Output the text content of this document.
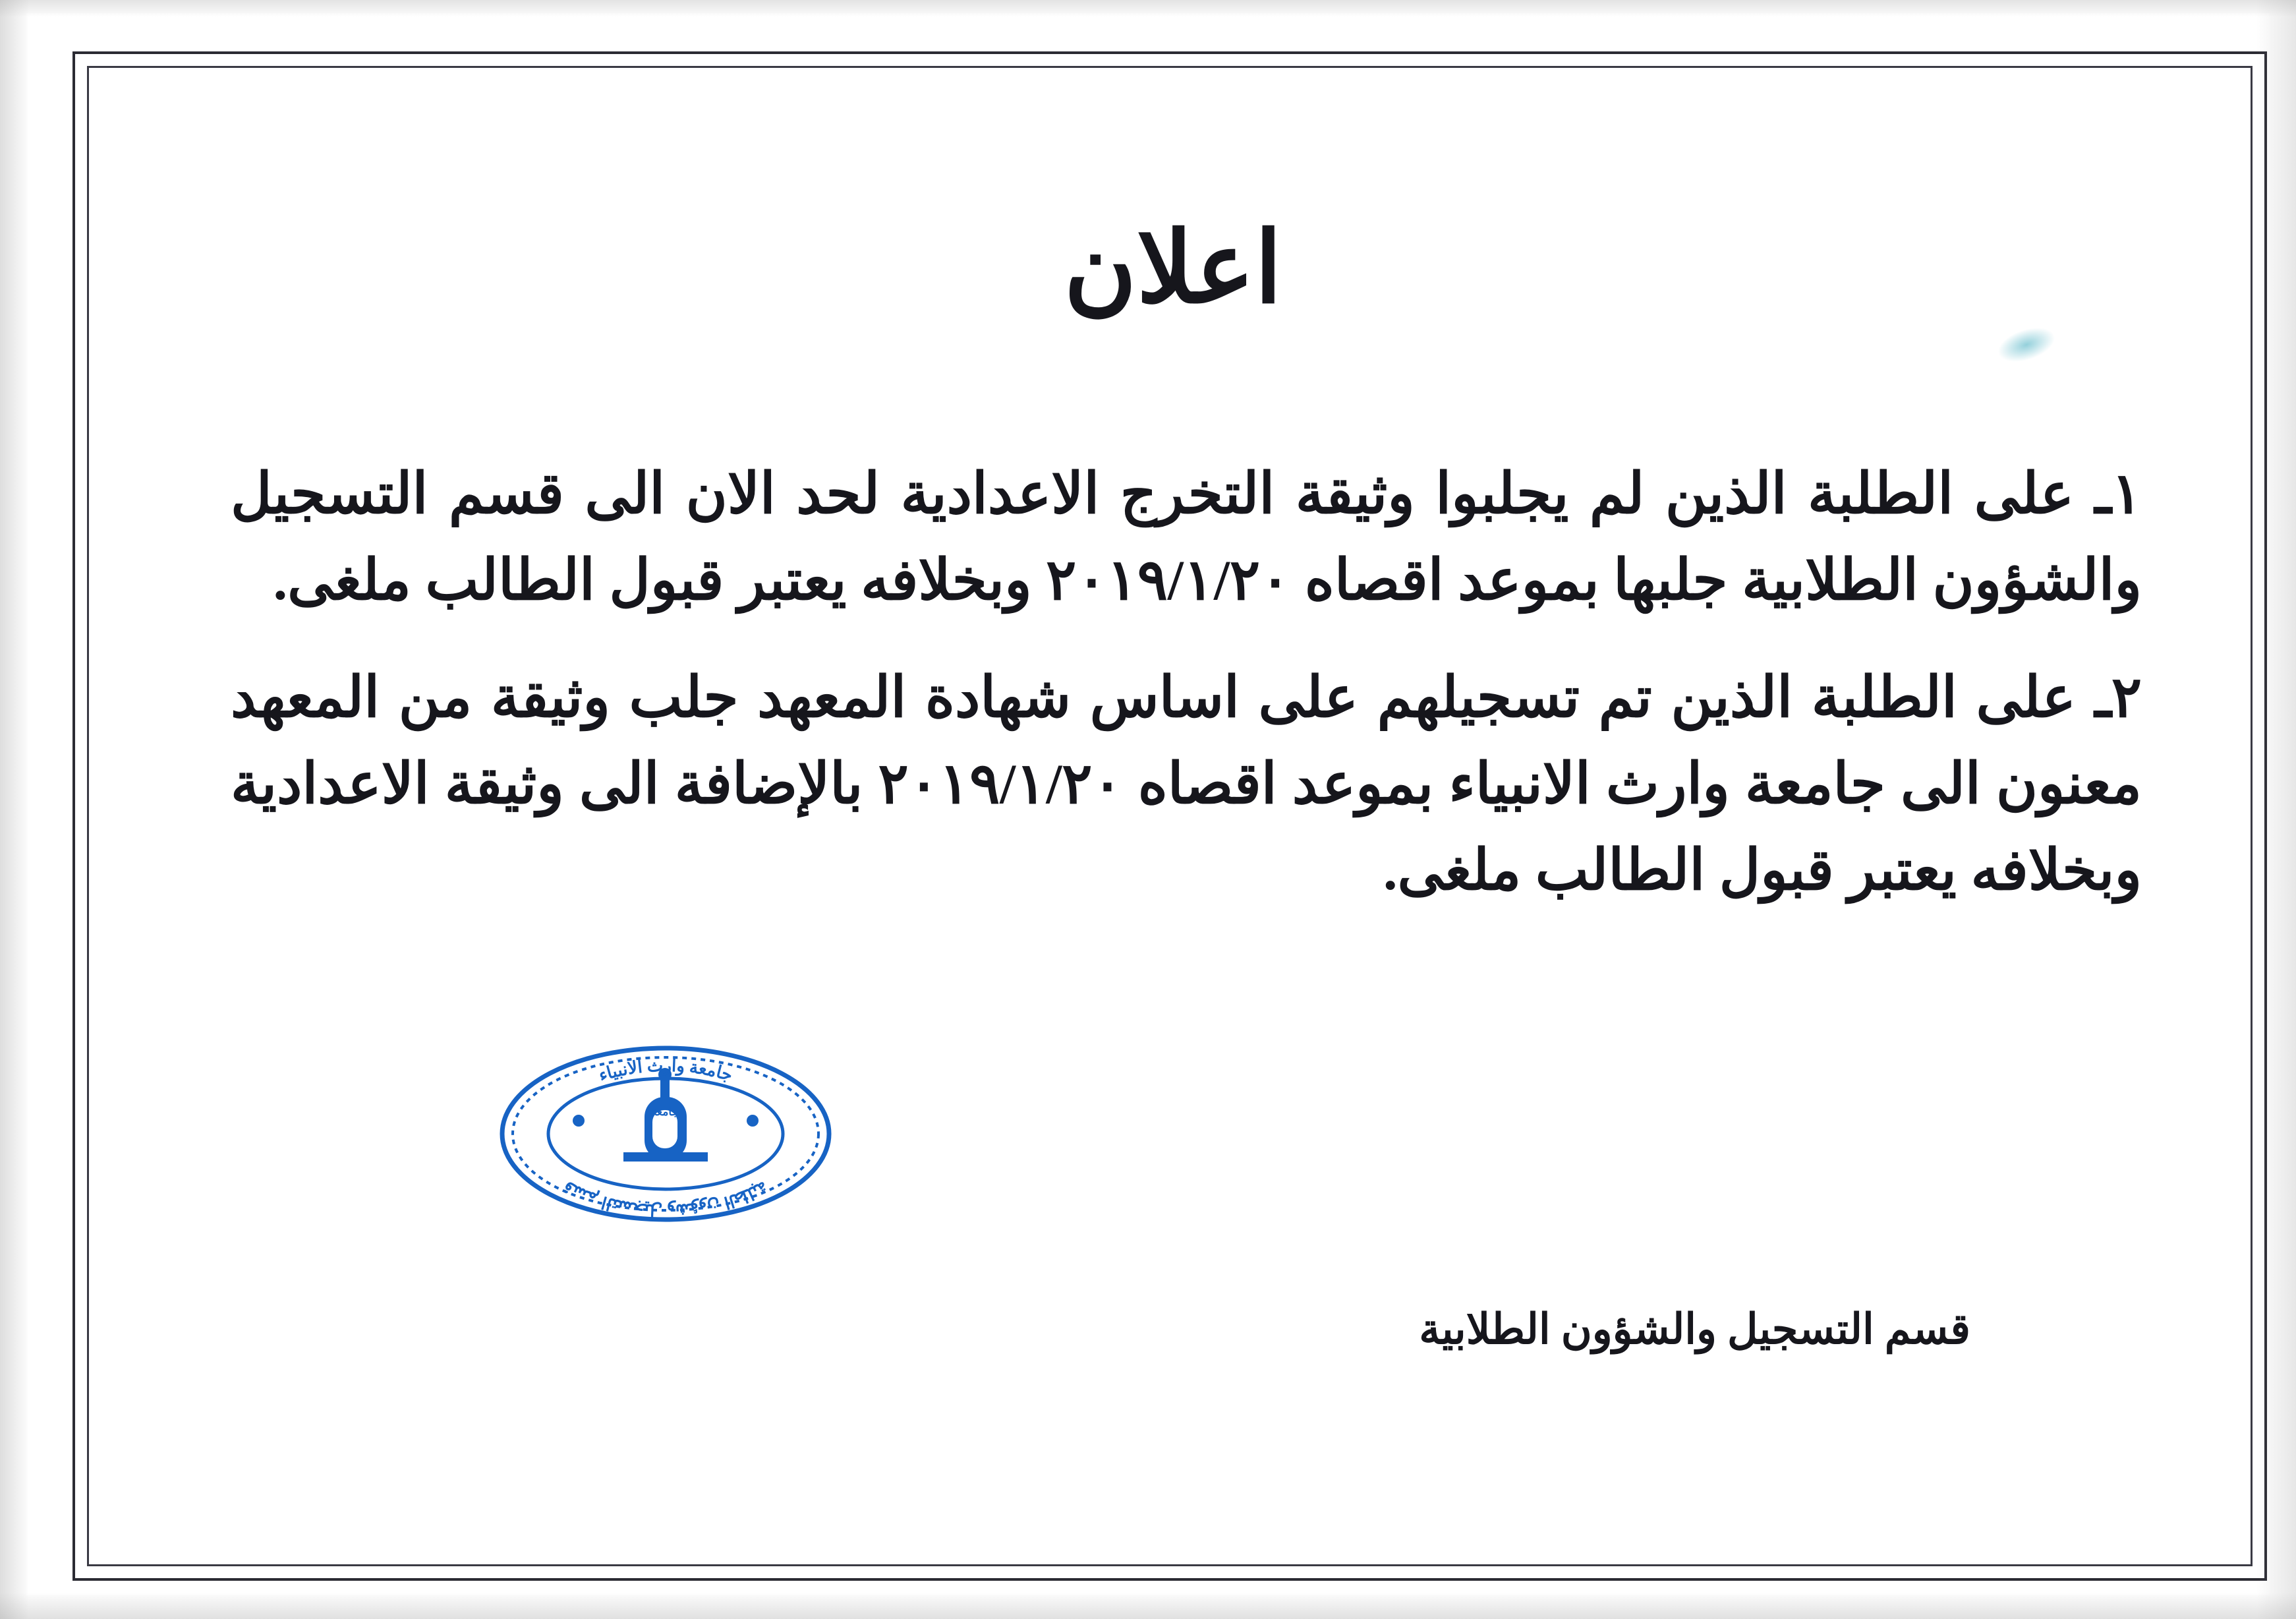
اعلان
١ـ على الطلبة الذين لم يجلبوا وثيقة التخرج الاعدادية لحد الان الى قسم التسجيل والشؤون الطلابية جلبها بموعد اقصاه ٢٠١٩/١/٢٠ وبخلافه يعتبر قبول الطالب ملغى.
٢ـ على الطلبة الذين تم تسجيلهم على اساس شهادة المعهد جلب وثيقة من المعهد معنون الى جامعة وارث الانبياء بموعد اقصاه ٢٠١٩/١/٢٠ بالإضافة الى وثيقة الاعدادية وبخلافه يعتبر قبول الطالب ملغى.
جامعة
جامعة وارث الانبياء
قسم التسجيل وشؤون الطلبة
قسم التسجيل والشؤون الطلابية
